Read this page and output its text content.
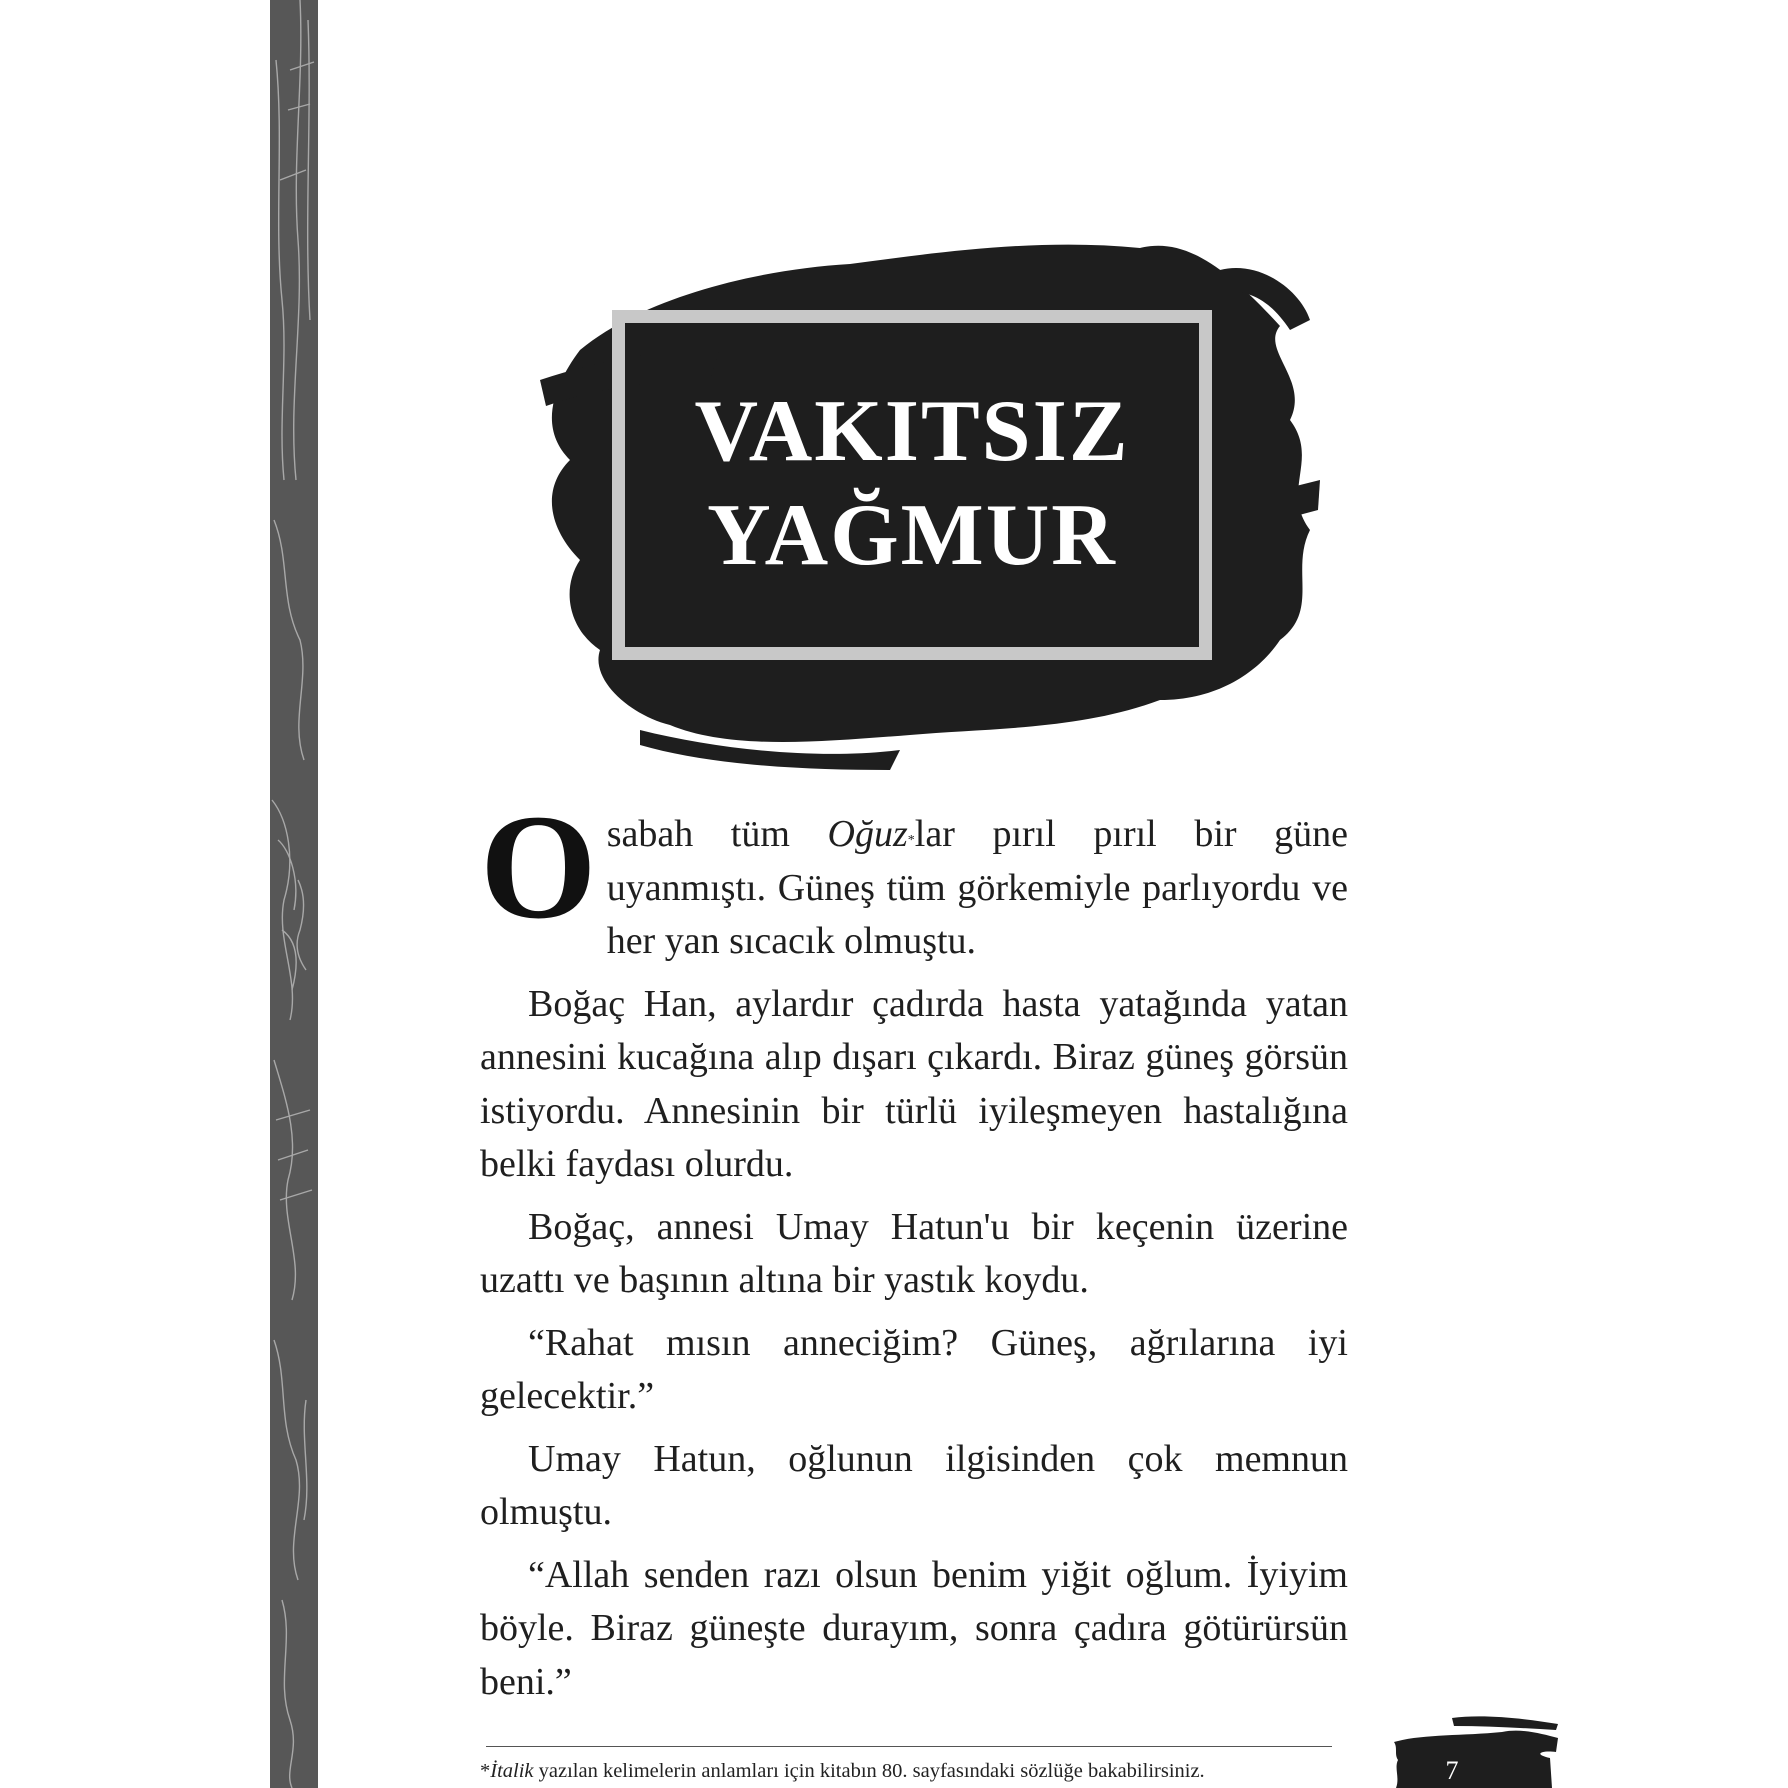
VAKITSIZ
YAĞMUR

Osabah tüm Oğuz*lar pırıl pırıl bir güne uyanmıştı. Güneş tüm görkemiyle parlıyordu ve her yan sıcacık olmuştu.

Boğaç Han, aylardır çadırda hasta yatağında yatan annesini kucağına alıp dışarı çıkardı. Biraz güneş görsün istiyordu. Annesinin bir türlü iyileşmeyen hastalığına belki faydası olurdu.

Boğaç, annesi Umay Hatun'u bir keçenin üzerine uzattı ve başının altına bir yastık koydu.

“Rahat mısın anneciğim? Güneş, ağrılarına iyi gelecektir.”

Umay Hatun, oğlunun ilgisinden çok memnun olmuştu.

“Allah senden razı olsun benim yiğit oğlum. İyiyim böyle. Biraz güneşte durayım, sonra çadıra götürürsün beni.”

*İtalik yazılan kelimelerin anlamları için kitabın 80. sayfasındaki sözlüğe bakabilirsiniz.	7
